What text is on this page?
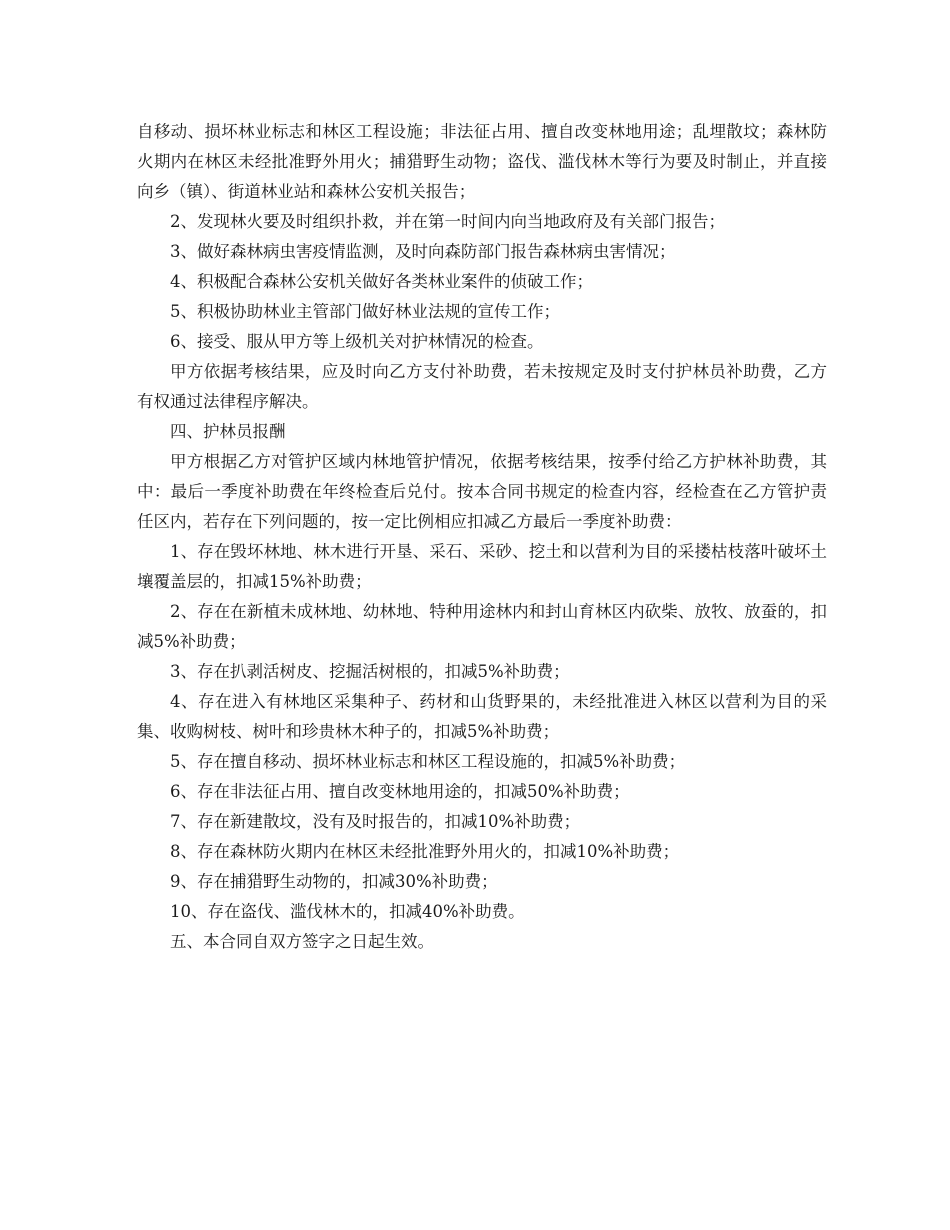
自移动、损坏林业标志和林区工程设施；非法征占用、擅自改变林地用途；乱埋散坟；森林防火期内在林区未经批准野外用火；捕猎野生动物；盗伐、滥伐林木等行为要及时制止，并直接向乡（镇）、街道林业站和森林公安机关报告；

2、发现林火要及时组织扑救，并在第一时间内向当地政府及有关部门报告；

3、做好森林病虫害疫情监测，及时向森防部门报告森林病虫害情况；

4、积极配合森林公安机关做好各类林业案件的侦破工作；

5、积极协助林业主管部门做好林业法规的宣传工作；

6、接受、服从甲方等上级机关对护林情况的检查。

甲方依据考核结果，应及时向乙方支付补助费，若未按规定及时支付护林员补助费，乙方有权通过法律程序解决。

四、护林员报酬

甲方根据乙方对管护区域内林地管护情况，依据考核结果，按季付给乙方护林补助费，其中：最后一季度补助费在年终检查后兑付。按本合同书规定的检查内容，经检查在乙方管护责任区内，若存在下列问题的，按一定比例相应扣减乙方最后一季度补助费：

1、存在毁坏林地、林木进行开垦、采石、采砂、挖土和以营利为目的采搂枯枝落叶破坏土壤覆盖层的，扣减15%补助费；

2、存在在新植未成林地、幼林地、特种用途林内和封山育林区内砍柴、放牧、放蚕的，扣减5%补助费；

3、存在扒剥活树皮、挖掘活树根的，扣减5%补助费；

4、存在进入有林地区采集种子、药材和山货野果的，未经批准进入林区以营利为目的采集、收购树枝、树叶和珍贵林木种子的，扣减5%补助费；

5、存在擅自移动、损坏林业标志和林区工程设施的，扣减5%补助费；

6、存在非法征占用、擅自改变林地用途的，扣减50%补助费；

7、存在新建散坟，没有及时报告的，扣减10%补助费；

8、存在森林防火期内在林区未经批准野外用火的，扣减10%补助费；

9、存在捕猎野生动物的，扣减30%补助费；

10、存在盗伐、滥伐林木的，扣减40%补助费。

五、本合同自双方签字之日起生效。
